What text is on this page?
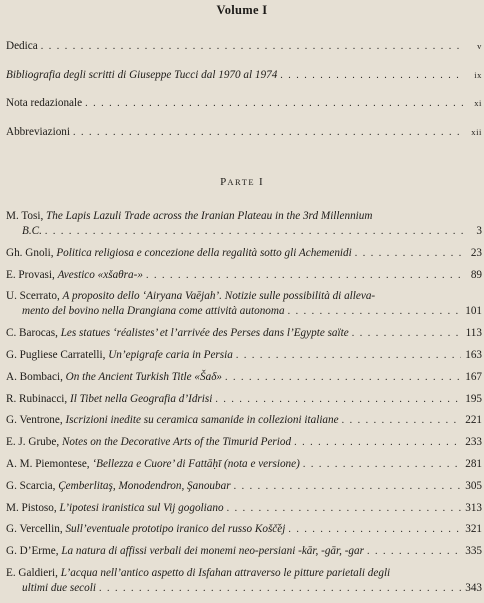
Volume I
Dedica . . .	v
Bibliografia degli scritti di Giuseppe Tucci dal 1970 al 1974 . . .	ix
Nota redazionale . . .	xi
Abbreviazioni . . .	xii
PARTE I
M. Tosi, The Lapis Lazuli Trade across the Iranian Plateau in the 3rd Millennium
B.C. . . .	3
Gh. Gnoli, Politica religiosa e concezione della regalità sotto gli Achemenidi . . .	23
E. Provasi, Avestico «xšaθra-» . . .	89
U. Scerrato, A proposito dello ‘Airyana Vaējah’. Notizie sulle possibilità di alleva-
mento del bovino nella Drangiana come attività autonoma . . .	101
C. Barocas, Les statues ‘réalistes’ et l’arrivée des Perses dans l’Egypte saïte . . .	113
G. Pugliese Carratelli, Un’epigrafe caria in Persia . . .	163
A. Bombaci, On the Ancient Turkish Title «Šaδ» . . .	167
R. Rubinacci, Il Tibet nella Geografia d’Idrisi . . .	195
G. Ventrone, Iscrizioni inedite su ceramica samanide in collezioni italiane . . .	221
E. J. Grube, Notes on the Decorative Arts of the Timurid Period . . .	233
A. M. Piemontese, ‘Bellezza e Cuore’ di Fattāḥī (nota e versione) . . .	281
G. Scarcia, Çemberlitaş, Monodendron, Şanoubar . . .	305
M. Pistoso, L’ipotesi iranistica sul Vij gogoliano . . .	313
G. Vercellin, Sull’eventuale prototipo iranico del russo Košč̌ej . . .	321
G. D’Erme, La natura di affissi verbali dei monemi neo-persiani -kār, -gār, -gar . . .	335
E. Galdieri, L’acqua nell’antico aspetto di Isfahan attraverso le pitture parietali degli
ultimi due secoli . . .	343
